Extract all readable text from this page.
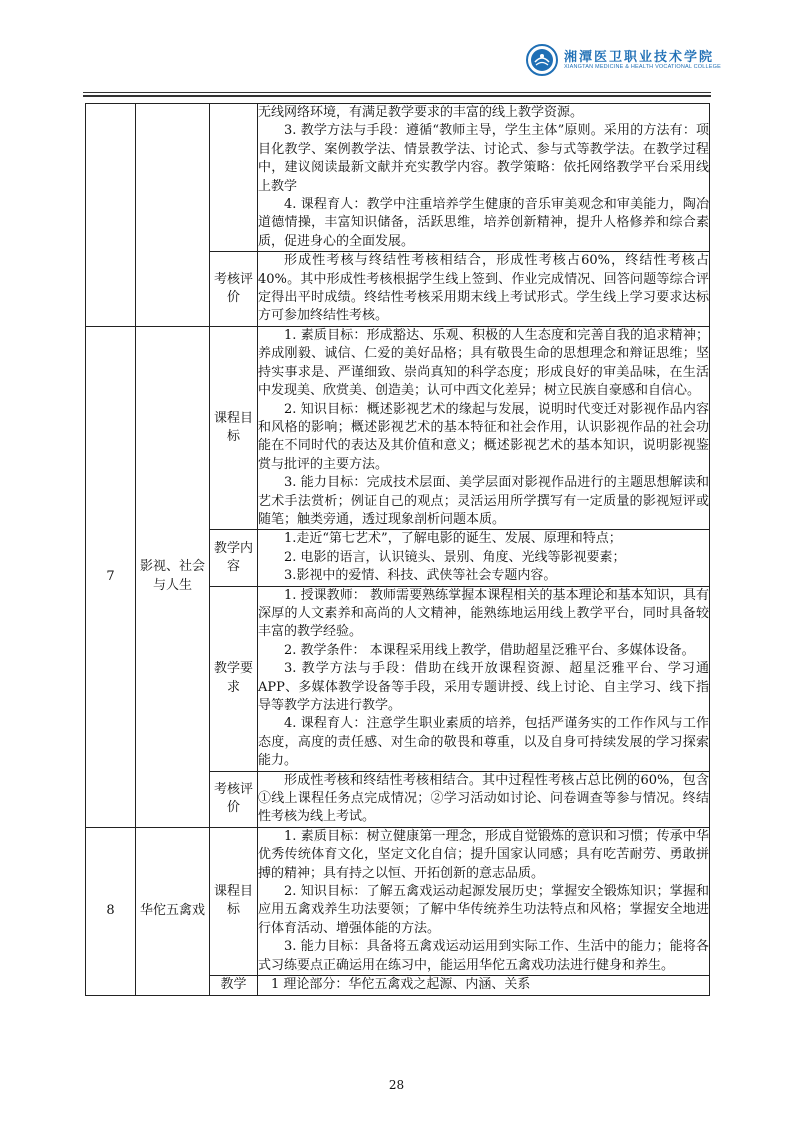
湘潭医卫职业技术学院
XIANGTAN MEDICINE & HEALTH VOCATIONAL COLLEGE

			无线网络环境，有满足教学要求的丰富的线上教学资源。

3. 教学方法与手段：遵循“教师主导，学生主体”原则。采用的方法有：项目化教学、案例教学法、情景教学法、讨论式、参与式等教学法。在教学过程中，建议阅读最新文献并充实教学内容。教学策略：依托网络教学平台采用线上教学

4. 课程育人：教学中注重培养学生健康的音乐审美观念和审美能力，陶冶道德情操，丰富知识储备，活跃思维，培养创新精神，提升人格修养和综合素质，促进身心的全面发展。

		考核评价	形成性考核与终结性考核相结合，形成性考核占60%，终结性考核占40%。其中形成性考核根据学生线上签到、作业完成情况、回答问题等综合评定得出平时成绩。终结性考核采用期末线上考试形式。学生线上学习要求达标方可参加终结性考核。

7	影视、社会与人生	课程目标	1. 素质目标：形成豁达、乐观、积极的人生态度和完善自我的追求精神；养成刚毅、诚信、仁爱的美好品格；具有敬畏生命的思想理念和辩证思维；坚持实事求是、严谨细致、崇尚真知的科学态度；形成良好的审美品味，在生活中发现美、欣赏美、创造美；认可中西文化差异；树立民族自豪感和自信心。

2. 知识目标：概述影视艺术的缘起与发展，说明时代变迁对影视作品内容和风格的影响；概述影视艺术的基本特征和社会作用，认识影视作品的社会功能在不同时代的表达及其价值和意义；概述影视艺术的基本知识，说明影视鉴赏与批评的主要方法。

3. 能力目标：完成技术层面、美学层面对影视作品进行的主题思想解读和艺术手法赏析；例证自己的观点；灵活运用所学撰写有一定质量的影视短评或随笔；触类旁通，透过现象剖析问题本质。

		教学内容	1.走近“第七艺术”，了解电影的诞生、发展、原理和特点；

2. 电影的语言，认识镜头、景别、角度、光线等影视要素；

3.影视中的爱情、科技、武侠等社会专题内容。

		教学要求	1. 授课教师： 教师需要熟练掌握本课程相关的基本理论和基本知识，具有深厚的人文素养和高尚的人文精神，能熟练地运用线上教学平台，同时具备较丰富的教学经验。

2. 教学条件： 本课程采用线上教学，借助超星泛雅平台、多媒体设备。

3. 教学方法与手段：借助在线开放课程资源、超星泛雅平台、学习通APP、多媒体教学设备等手段，采用专题讲授、线上讨论、自主学习、线下指导等教学方法进行教学。

4. 课程育人：注意学生职业素质的培养，包括严谨务实的工作作风与工作态度，高度的责任感、对生命的敬畏和尊重，以及自身可持续发展的学习探索能力。

		考核评价	形成性考核和终结性考核相结合。其中过程性考核占总比例的60%，包含①线上课程任务点完成情况；②学习活动如讨论、问卷调查等参与情况。终结性考核为线上考试。

8	华佗五禽戏	课程目标	1. 素质目标：树立健康第一理念，形成自觉锻炼的意识和习惯；传承中华优秀传统体育文化，坚定文化自信；提升国家认同感；具有吃苦耐劳、勇敢拼搏的精神；具有持之以恒、开拓创新的意志品质。

2. 知识目标：了解五禽戏运动起源发展历史；掌握安全锻炼知识；掌握和应用五禽戏养生功法要领；了解中华传统养生功法特点和风格；掌握安全地进行体育活动、增强体能的方法。

3. 能力目标：具备将五禽戏运动运用到实际工作、生活中的能力；能将各式习练要点正确运用在练习中，能运用华佗五禽戏功法进行健身和养生。

		教学	1 理论部分：华佗五禽戏之起源、内涵、关系

28
